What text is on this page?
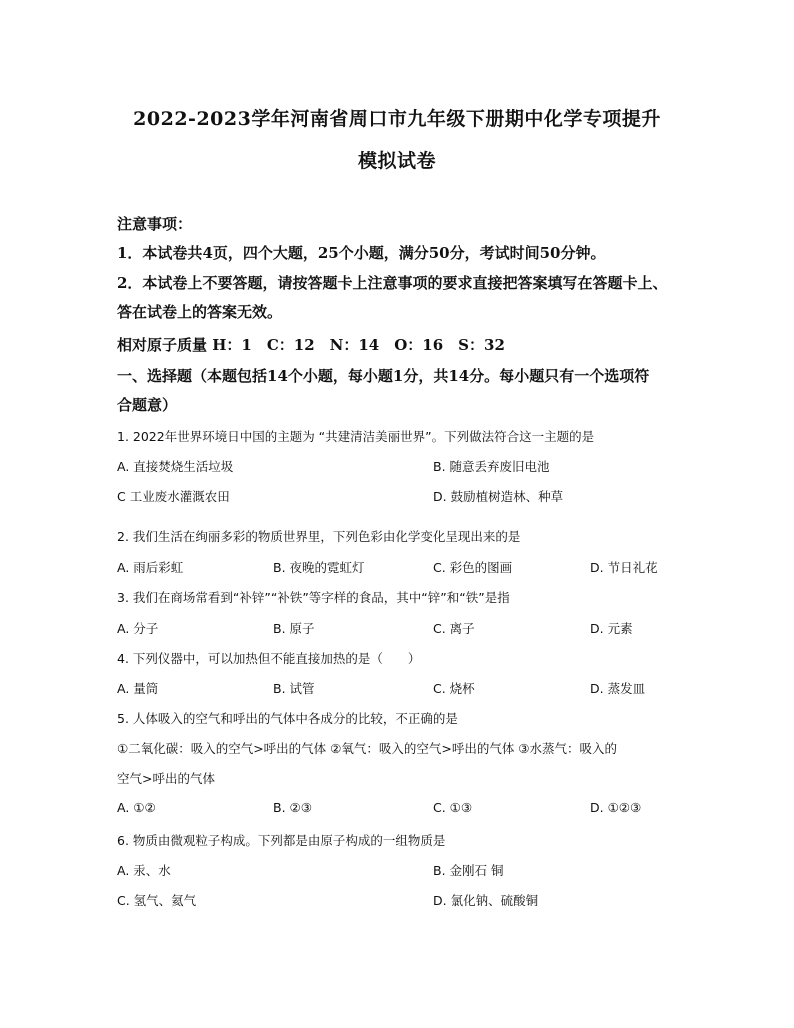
2022-2023学年河南省周口市九年级下册期中化学专项提升
模拟试卷
注意事项：
1．本试卷共4页，四个大题，25个小题，满分50分，考试时间50分钟。
2．本试卷上不要答题，请按答题卡上注意事项的要求直接把答案填写在答题卡上、
答在试卷上的答案无效。
相对原子质量 H：1　C：12　N：14　O：16　S：32
一、选择题（本题包括14个小题，每小题1分，共14分。每小题只有一个选项符
合题意）
1. 2022年世界环境日中国的主题为 “共建清洁美丽世界”。下列做法符合这一主题的是
A. 直接焚烧生活垃圾	B. 随意丢弃废旧电池
C 工业废水灌溉农田	D. 鼓励植树造林、种草
2. 我们生活在绚丽多彩的物质世界里，下列色彩由化学变化呈现出来的是
A. 雨后彩虹	B. 夜晚的霓虹灯	C. 彩色的图画	D. 节日礼花
3. 我们在商场常看到“补锌”“补铁”等字样的食品，其中“锌”和“铁”是指
A. 分子	B. 原子	C. 离子	D. 元素
4. 下列仪器中，可以加热但不能直接加热的是（　　）
A. 量筒	B. 试管	C. 烧杯	D. 蒸发皿
5. 人体吸入的空气和呼出的气体中各成分的比较，不正确的是
①二氧化碳：吸入的空气>呼出的气体 ②氧气：吸入的空气>呼出的气体 ③水蒸气：吸入的
空气>呼出的气体
A. ①②	B. ②③	C. ①③	D. ①②③
6. 物质由微观粒子构成。下列都是由原子构成的一组物质是
A. 汞、水	B. 金刚石 铜
C. 氢气、氦气	D. 氯化钠、硫酸铜
